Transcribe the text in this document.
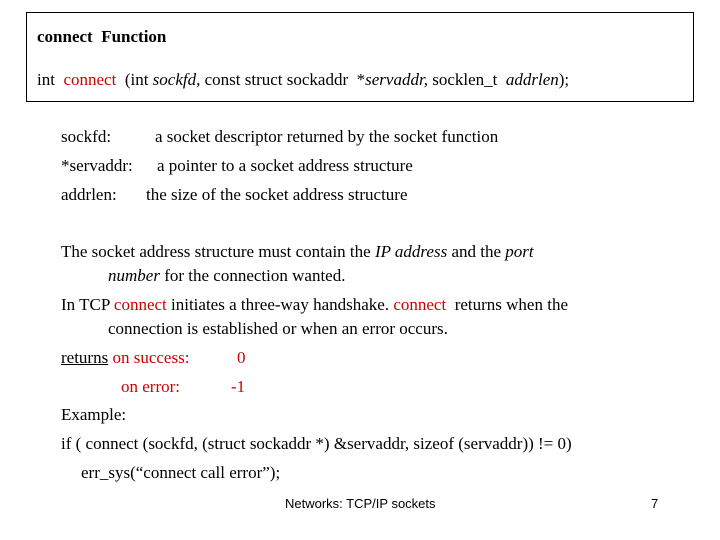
connect  Function
int  connect  (int sockfd, const struct sockaddr  *servaddr, socklen_t  addrlen);
sockfd:	a socket descriptor returned by the socket function
*servaddr: a pointer to a socket address structure
addrlen: the size of the socket address structure
The socket address structure must contain the IP address and the port
number for the connection wanted.
In TCP connect initiates a three-way handshake. connect  returns when the
connection is established or when an error occurs.
returns on success:	0
on error:	-1
Example:
if ( connect (sockfd, (struct sockaddr *) &servaddr, sizeof (servaddr)) != 0)
err_sys(“connect call error”);
Networks: TCP/IP sockets	7
